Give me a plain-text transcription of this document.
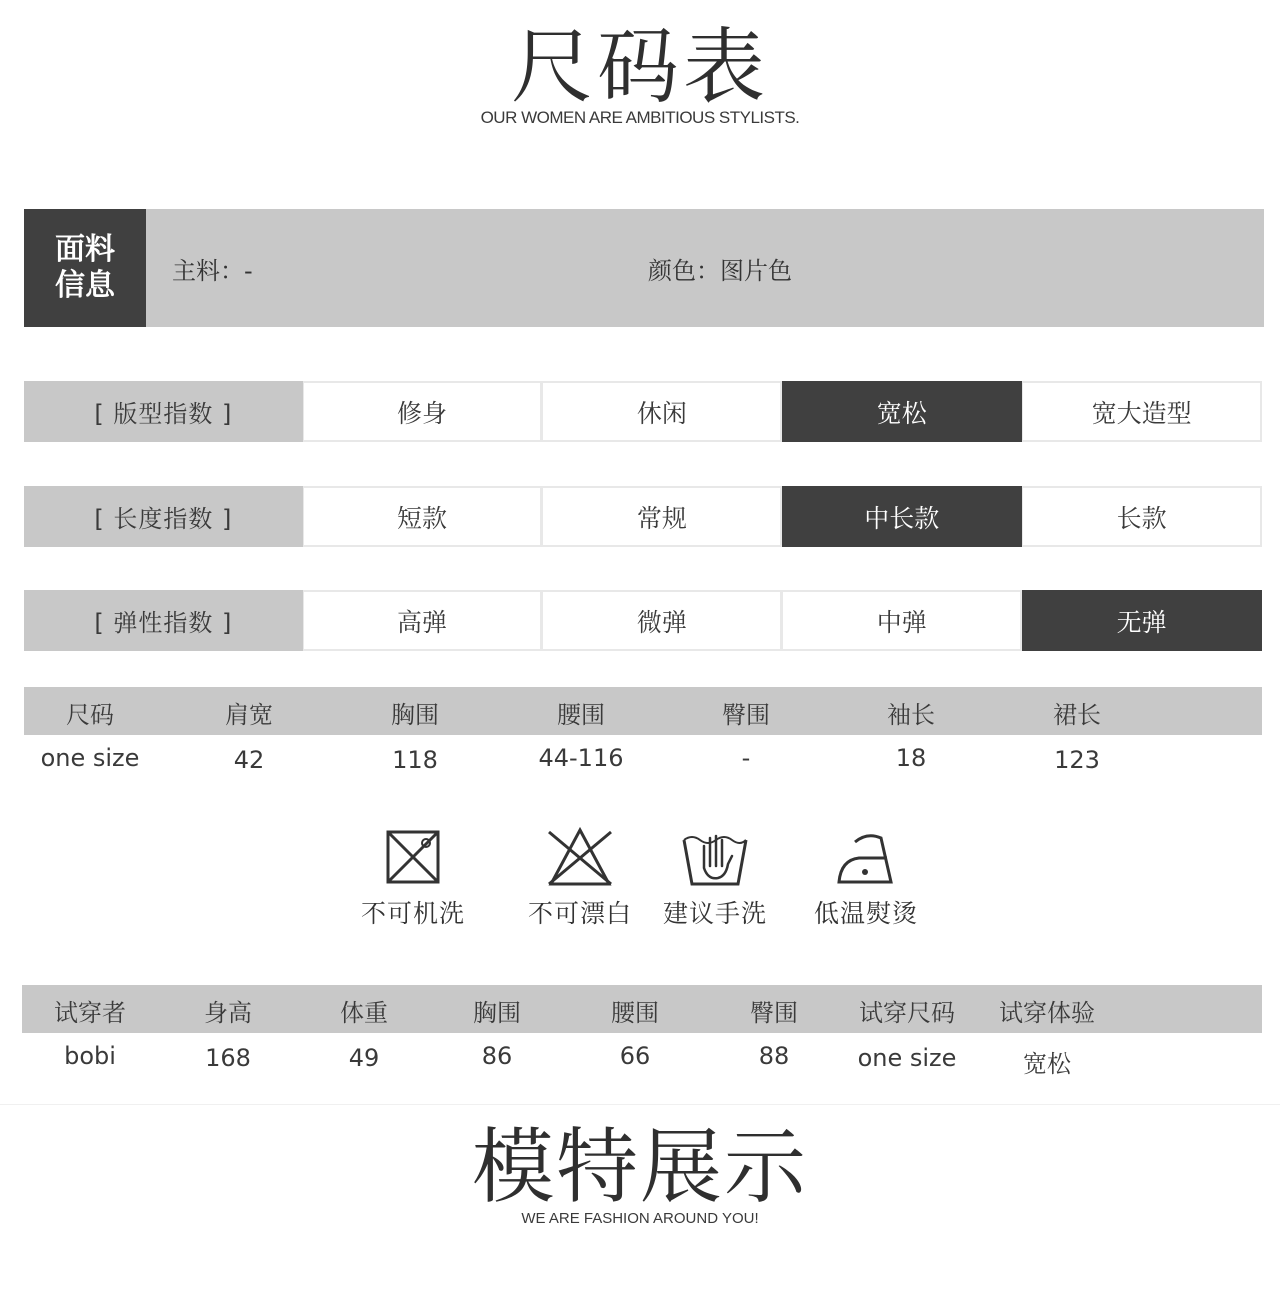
尺码表
OUR WOMEN ARE AMBITIOUS STYLISTS.
面料信息 主料：-	颜色：图片色
[ 版型指数 ]	修身	休闲	宽松	宽大造型
[ 长度指数 ]	短款	常规	中长款	长款
[ 弹性指数 ]	高弹	微弹	中弹	无弹
尺码	肩宽	胸围	腰围	臀围	袖长	裙长
one size	42	118	44-116	-	18	123
不可机洗	不可漂白	建议手洗	低温熨烫
试穿者	身高	体重	胸围	腰围	臀围	试穿尺码	试穿体验
bobi	168	49	86	66	88	one size	宽松
模特展示
WE ARE FASHION AROUND YOU!
